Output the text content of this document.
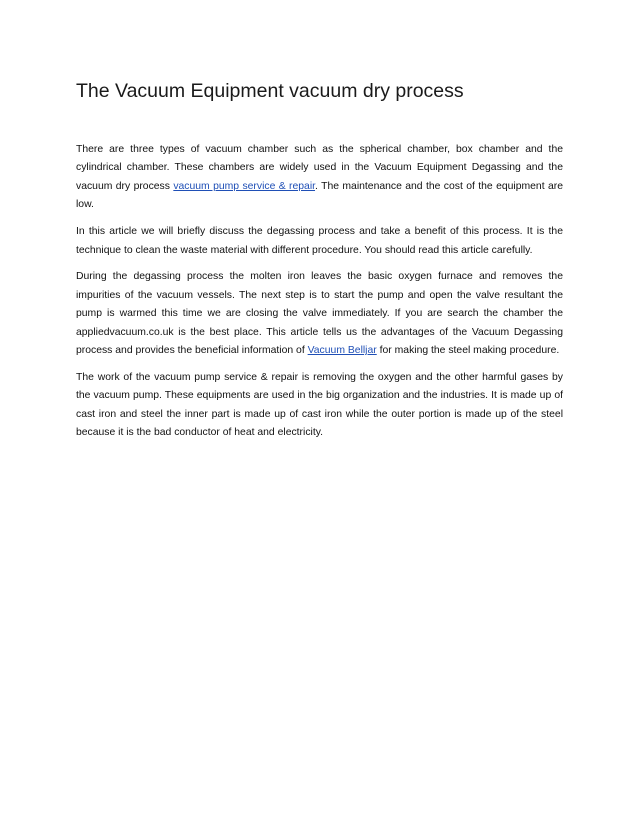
The Vacuum Equipment vacuum dry process

There are three types of vacuum chamber such as the spherical chamber, box chamber and the cylindrical chamber. These chambers are widely used in the Vacuum Equipment Degassing and the vacuum dry process vacuum pump service & repair. The maintenance and the cost of the equipment are low.

In this article we will briefly discuss the degassing process and take a benefit of this process. It is the technique to clean the waste material with different procedure. You should read this article carefully.

During the degassing process the molten iron leaves the basic oxygen furnace and removes the impurities of the vacuum vessels. The next step is to start the pump and open the valve resultant the pump is warmed this time we are closing the valve immediately. If you are search the chamber the appliedvacuum.co.uk is the best place. This article tells us the advantages of the Vacuum Degassing process and provides the beneficial information of Vacuum Belljar for making the steel making procedure.

The work of the vacuum pump service & repair is removing the oxygen and the other harmful gases by the vacuum pump. These equipments are used in the big organization and the industries. It is made up of cast iron and steel the inner part is made up of cast iron while the outer portion is made up of the steel because it is the bad conductor of heat and electricity.
